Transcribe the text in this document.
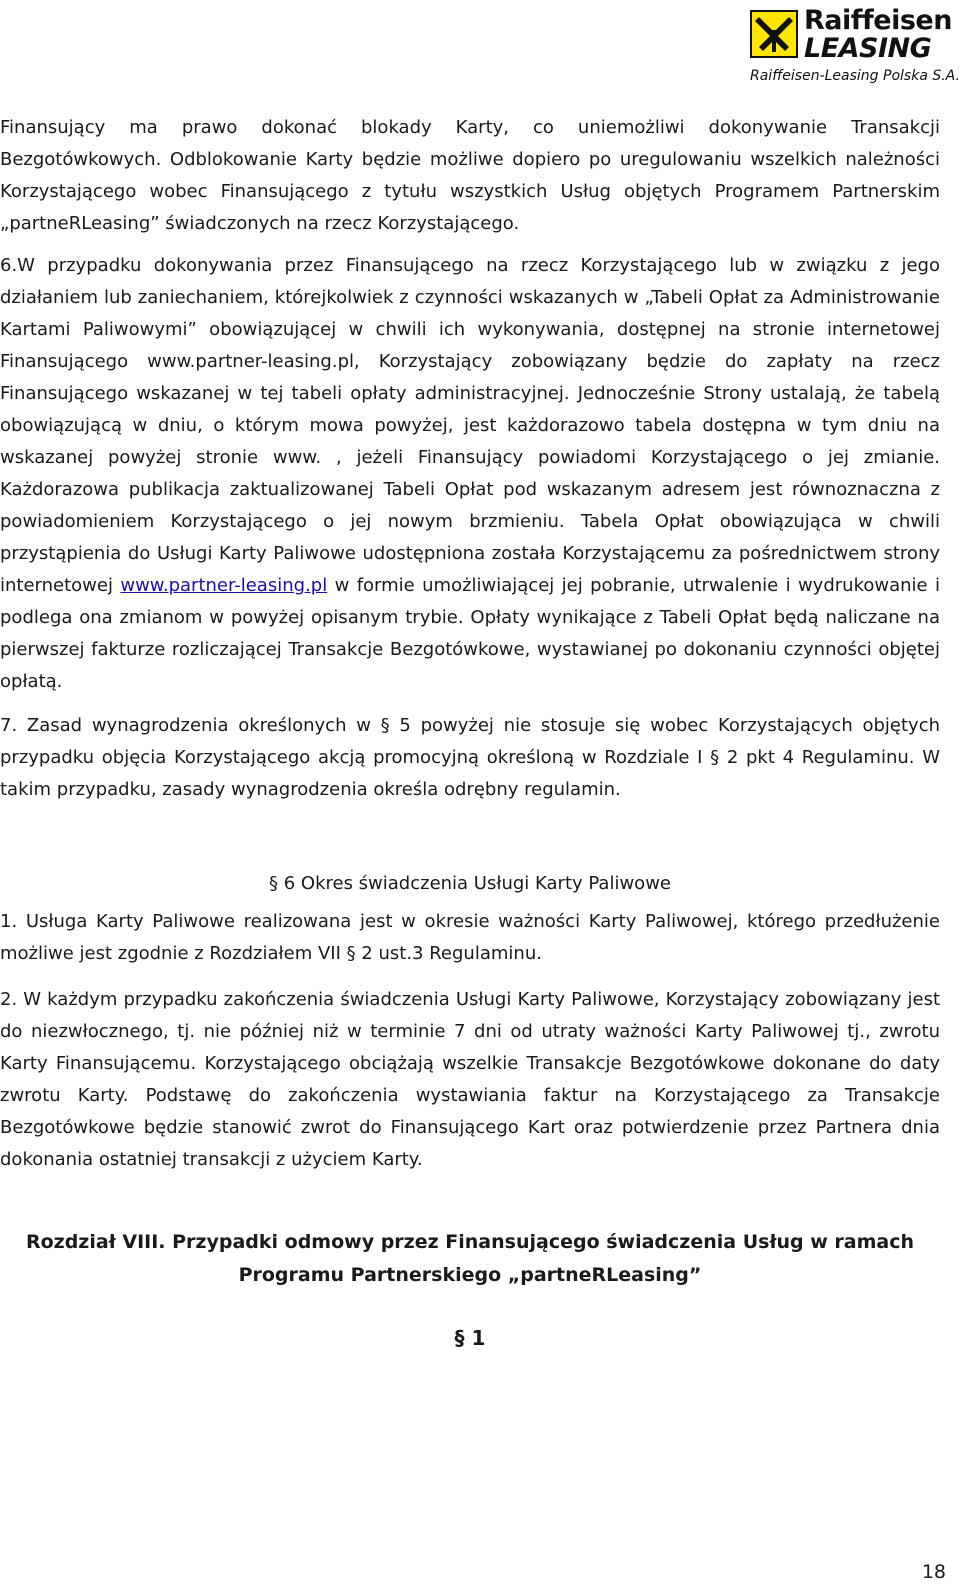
Raiffeisen
LEASING
Raiffeisen-Leasing Polska S.A.

Finansujący ma prawo dokonać blokady Karty, co uniemożliwi dokonywanie Transakcji Bezgotówkowych. Odblokowanie Karty będzie możliwe dopiero po uregulowaniu wszelkich należności Korzystającego wobec Finansującego z tytułu wszystkich Usług objętych Programem Partnerskim „partneRLeasing” świadczonych na rzecz Korzystającego.

6.W przypadku dokonywania przez Finansującego na rzecz Korzystającego lub w związku z jego działaniem lub zaniechaniem, którejkolwiek z czynności wskazanych w „Tabeli Opłat za Administrowanie Kartami Paliwowymi” obowiązującej w chwili ich wykonywania, dostępnej na stronie internetowej Finansującego www.partner-leasing.pl, Korzystający zobowiązany będzie do zapłaty na rzecz Finansującego wskazanej w tej tabeli opłaty administracyjnej. Jednocześnie Strony ustalają, że tabelą obowiązującą w dniu, o którym mowa powyżej, jest każdorazowo tabela dostępna w tym dniu na wskazanej powyżej stronie www. , jeżeli Finansujący powiadomi Korzystającego o jej zmianie. Każdorazowa publikacja zaktualizowanej Tabeli Opłat pod wskazanym adresem jest równoznaczna z powiadomieniem Korzystającego o jej nowym brzmieniu. Tabela Opłat obowiązująca w chwili przystąpienia do Usługi Karty Paliwowe udostępniona została Korzystającemu za pośrednictwem strony internetowej www.partner-leasing.pl w formie umożliwiającej jej pobranie, utrwalenie i wydrukowanie i podlega ona zmianom w powyżej opisanym trybie. Opłaty wynikające z Tabeli Opłat będą naliczane na pierwszej fakturze rozliczającej Transakcje Bezgotówkowe, wystawianej po dokonaniu czynności objętej opłatą.

7. Zasad wynagrodzenia określonych w § 5 powyżej nie stosuje się wobec Korzystających objętych przypadku objęcia Korzystającego akcją promocyjną określoną w Rozdziale I § 2 pkt 4 Regulaminu. W takim przypadku, zasady wynagrodzenia określa odrębny regulamin.

§ 6 Okres świadczenia Usługi Karty Paliwowe

1. Usługa Karty Paliwowe realizowana jest w okresie ważności Karty Paliwowej, którego przedłużenie możliwe jest zgodnie z Rozdziałem VII § 2 ust.3 Regulaminu.

2. W każdym przypadku zakończenia świadczenia Usługi Karty Paliwowe, Korzystający zobowiązany jest do niezwłocznego, tj. nie później niż w terminie 7 dni od utraty ważności Karty Paliwowej tj., zwrotu Karty Finansującemu. Korzystającego obciążają wszelkie Transakcje Bezgotówkowe dokonane do daty zwrotu Karty. Podstawę do zakończenia wystawiania faktur na Korzystającego za Transakcje Bezgotówkowe będzie stanowić zwrot do Finansującego Kart oraz potwierdzenie przez Partnera dnia dokonania ostatniej transakcji z użyciem Karty.

Rozdział VIII. Przypadki odmowy przez Finansującego świadczenia Usług w ramach Programu Partnerskiego „partneRLeasing”
§ 1
18
